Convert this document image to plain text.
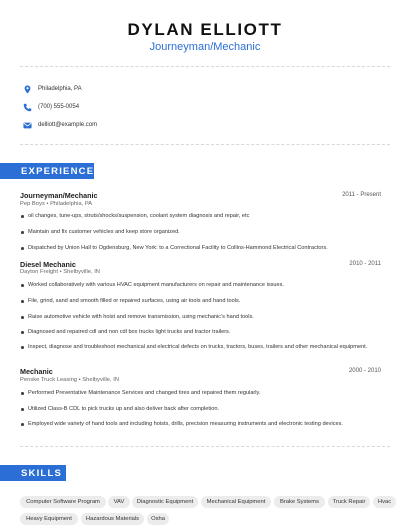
DYLAN ELLIOTT
Journeyman/Mechanic
Philadelphia, PA
(700) 555-0054
delliott@example.com
EXPERIENCE
Journeyman/Mechanic	2011 - Present
Pep Boys • Philadelphia, PA
oil changes, tune-ups, struts/shocks/suspension, coolant system diagnosis and repair, etc
Maintain and fix customer vehicles and keep store organized.
Dispatched by Union Hall to Ogdensburg, New York: to a Correctional Facility to Collins-Hammond Electrical Contractors.
Diesel Mechanic	2010 - 2011
Dayton Freight • Shelbyville, IN
Worked collaboratively with various HVAC equipment manufacturers on repair and maintenance issues.
File, grind, sand and smooth filled or repaired surfaces, using air tools and hand tools.
Raise automotive vehicle with hoist and remove transmission, using mechanic's hand tools.
Diagnosed and repaired cdl and non cdl box trucks light trucks and tractor trailers.
Inspect, diagnose and troubleshoot mechanical and electrical defects on trucks, tractors, buses, trailers and other mechanical equipment.
Mechanic	2000 - 2010
Penske Truck Leasing • Shelbyville, IN
Performed Preventative Maintenance Services and changed tires and repaired them regularly.
Utilized Class-B CDL to pick trucks up and also deliver back after completion.
Employed wide variety of hand tools and including hoists, drills, precision measuring instruments and electronic testing devices.
SKILLS
Computer Software Program	VAV	Diagnostic Equipment	Mechanical Equipment	Brake Systems	Truck Repair	Hvac
Heavy Equipment	Hazardous Materials	Osha
